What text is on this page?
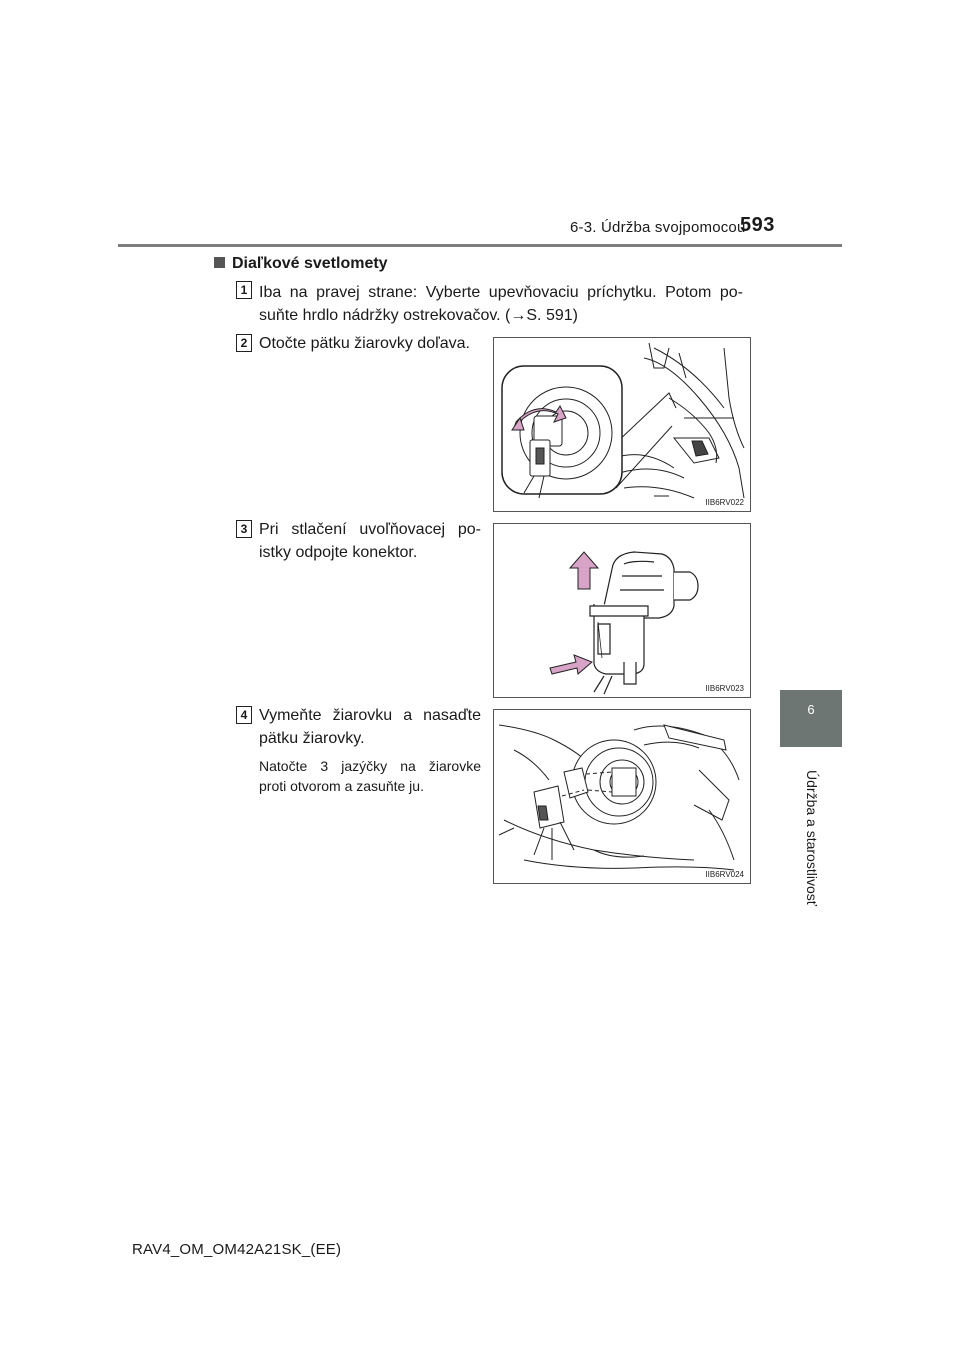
6-3. Údržba svojpomocou
593
6
Údržba a starostlivosť
Diaľkové svetlomety
1 Iba na pravej strane: Vyberte upevňovaciu príchytku. Potom po-
suňte hrdlo nádržky ostrekovačov. (→S. 591)
2 Otočte pätku žiarovky doľava.
IIB6RV022
3 Pri stlačení uvoľňovacej po-
istky odpojte konektor.
IIB6RV023
4 Vymeňte žiarovku a nasaďte
pätku žiarovky.
Natočte 3 jazýčky na žiarovke
proti otvorom a zasuňte ju.
IIB6RV024
RAV4_OM_OM42A21SK_(EE)
